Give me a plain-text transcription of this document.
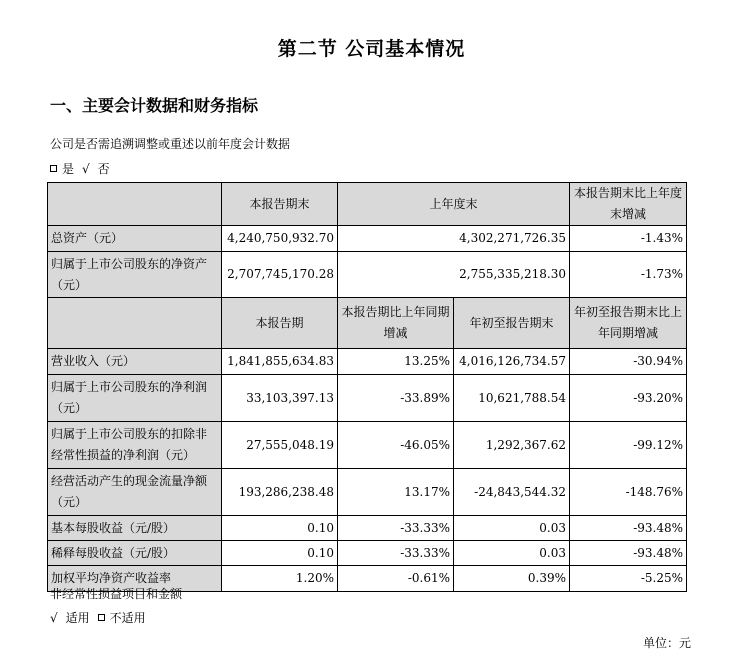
第二节 公司基本情况
一、主要会计数据和财务指标
公司是否需追溯调整或重述以前年度会计数据
是 √ 否
	本报告期末	上年度末		本报告期末比上年度末增减
总资产（元）	4,240,750,932.70	4,302,271,726.35		-1.43%
归属于上市公司股东的净资产（元）	2,707,745,170.28	2,755,335,218.30		-1.73%
	本报告期	本报告期比上年同期增减	年初至报告期末	年初至报告期末比上年同期增减
营业收入（元）	1,841,855,634.83	13.25%	4,016,126,734.57	-30.94%
归属于上市公司股东的净利润（元）	33,103,397.13	-33.89%	10,621,788.54	-93.20%
归属于上市公司股东的扣除非经常性损益的净利润（元）	27,555,048.19	-46.05%	1,292,367.62	-99.12%
经营活动产生的现金流量净额（元）	193,286,238.48	13.17%	-24,843,544.32	-148.76%
基本每股收益（元/股）	0.10	-33.33%	0.03	-93.48%
稀释每股收益（元/股）	0.10	-33.33%	0.03	-93.48%
加权平均净资产收益率	1.20%	-0.61%	0.39%	-5.25%
非经常性损益项目和金额
√ 适用 不适用
单位：元
